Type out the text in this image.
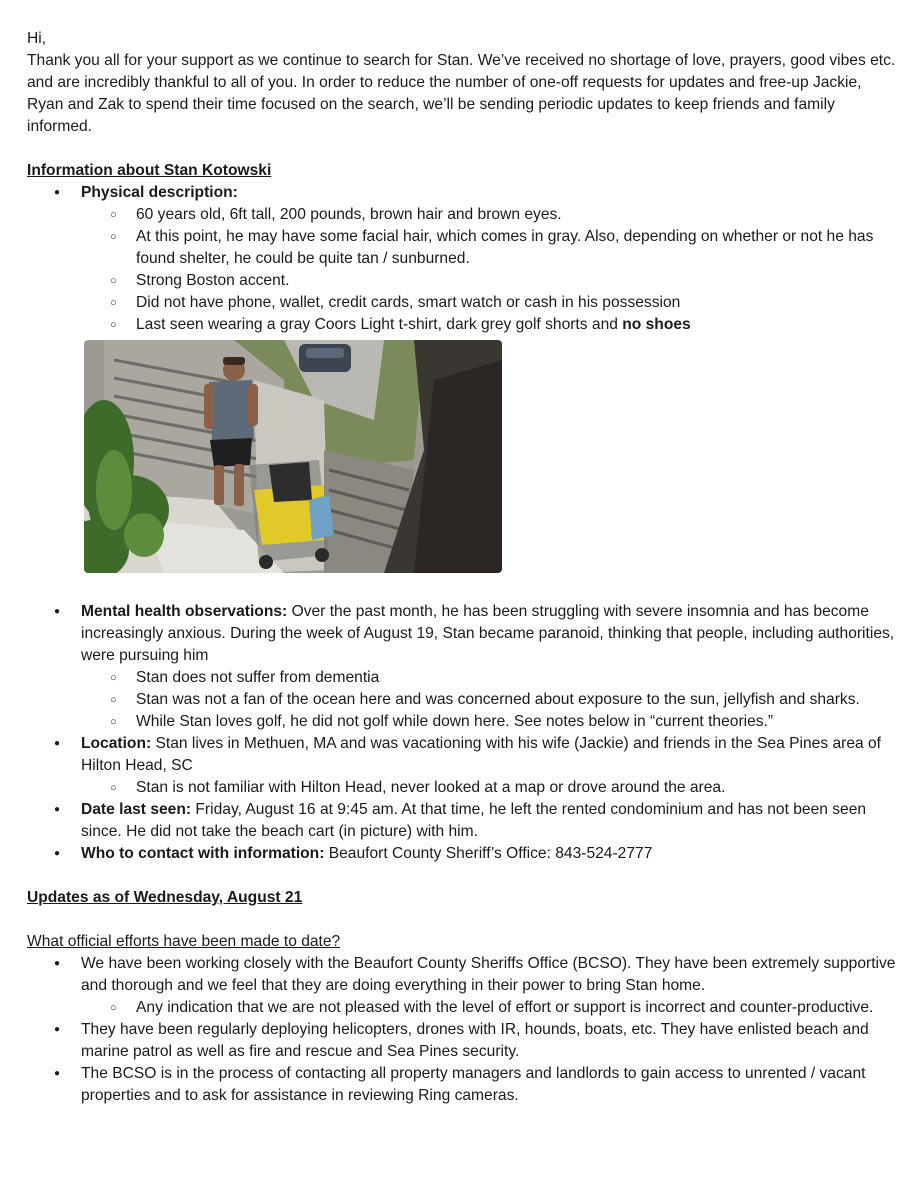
Hi,

Thank you all for your support as we continue to search for Stan. We’ve received no shortage of love, prayers, good vibes etc. and are incredibly thankful to all of you. In order to reduce the number of one-off requests for updates and free-up Jackie, Ryan and Zak to spend their time focused on the search, we’ll be sending periodic updates to keep friends and family informed.

Information about Stan Kotowski

● Physical description:
○ 60 years old, 6ft tall, 200 pounds, brown hair and brown eyes.
○ At this point, he may have some facial hair, which comes in gray. Also, depending on whether or not he has found shelter, he could be quite tan / sunburned.
○ Strong Boston accent.
○ Did not have phone, wallet, credit cards, smart watch or cash in his possession
○ Last seen wearing a gray Coors Light t-shirt, dark grey golf shorts and no shoes
● Mental health observations: Over the past month, he has been struggling with severe insomnia and has become increasingly anxious. During the week of August 19, Stan became paranoid, thinking that people, including authorities, were pursuing him
○ Stan does not suffer from dementia
○ Stan was not a fan of the ocean here and was concerned about exposure to the sun, jellyfish and sharks.
○ While Stan loves golf, he did not golf while down here. See notes below in “current theories.”
● Location: Stan lives in Methuen, MA and was vacationing with his wife (Jackie) and friends in the Sea Pines area of Hilton Head, SC
○ Stan is not familiar with Hilton Head, never looked at a map or drove around the area.
● Date last seen: Friday, August 16 at 9:45 am. At that time, he left the rented condominium and has not been seen since. He did not take the beach cart (in picture) with him.
● Who to contact with information: Beaufort County Sheriff’s Office: 843-524-2777

Updates as of Wednesday, August 21

What official efforts have been made to date?

● We have been working closely with the Beaufort County Sheriffs Office (BCSO). They have been extremely supportive and thorough and we feel that they are doing everything in their power to bring Stan home.
○ Any indication that we are not pleased with the level of effort or support is incorrect and counter-productive.
● They have been regularly deploying helicopters, drones with IR, hounds, boats, etc. They have enlisted beach and marine patrol as well as fire and rescue and Sea Pines security.
● The BCSO is in the process of contacting all property managers and landlords to gain access to unrented / vacant properties and to ask for assistance in reviewing Ring cameras.
